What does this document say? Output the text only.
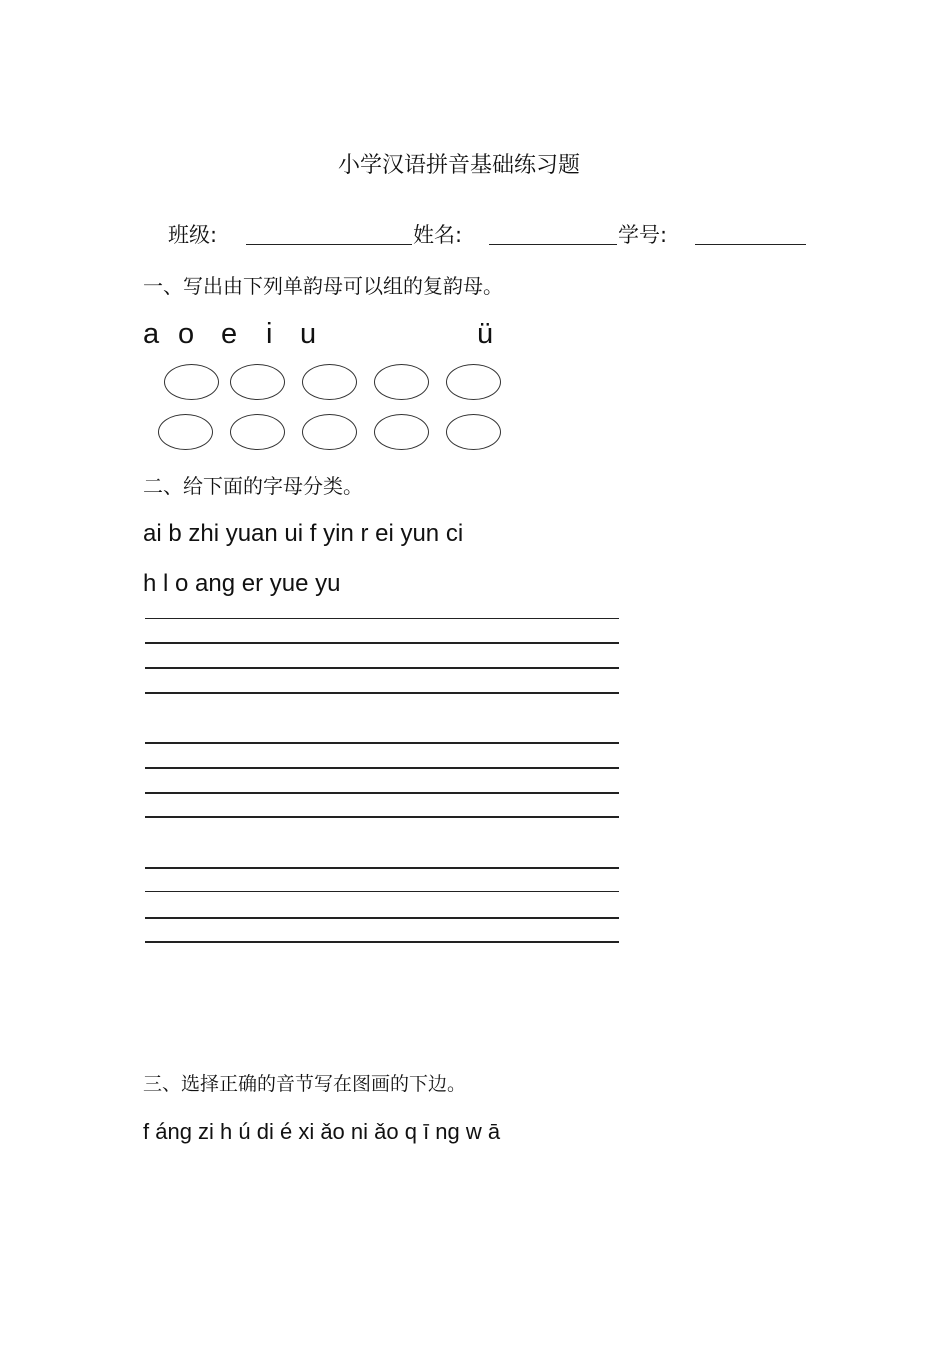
小学汉语拼音基础练习题
班级:	姓名:	学号:
一、写出由下列单韵母可以组的复韵母。
a o e i u	ü
二、给下面的字母分类。
ai b zhi yuan ui f yin r ei yun ci
h l o ang er yue yu
三、选择正确的音节写在图画的下边。
f áng zi h ú di é xi ǎo ni ǎo q ī ng w ā
